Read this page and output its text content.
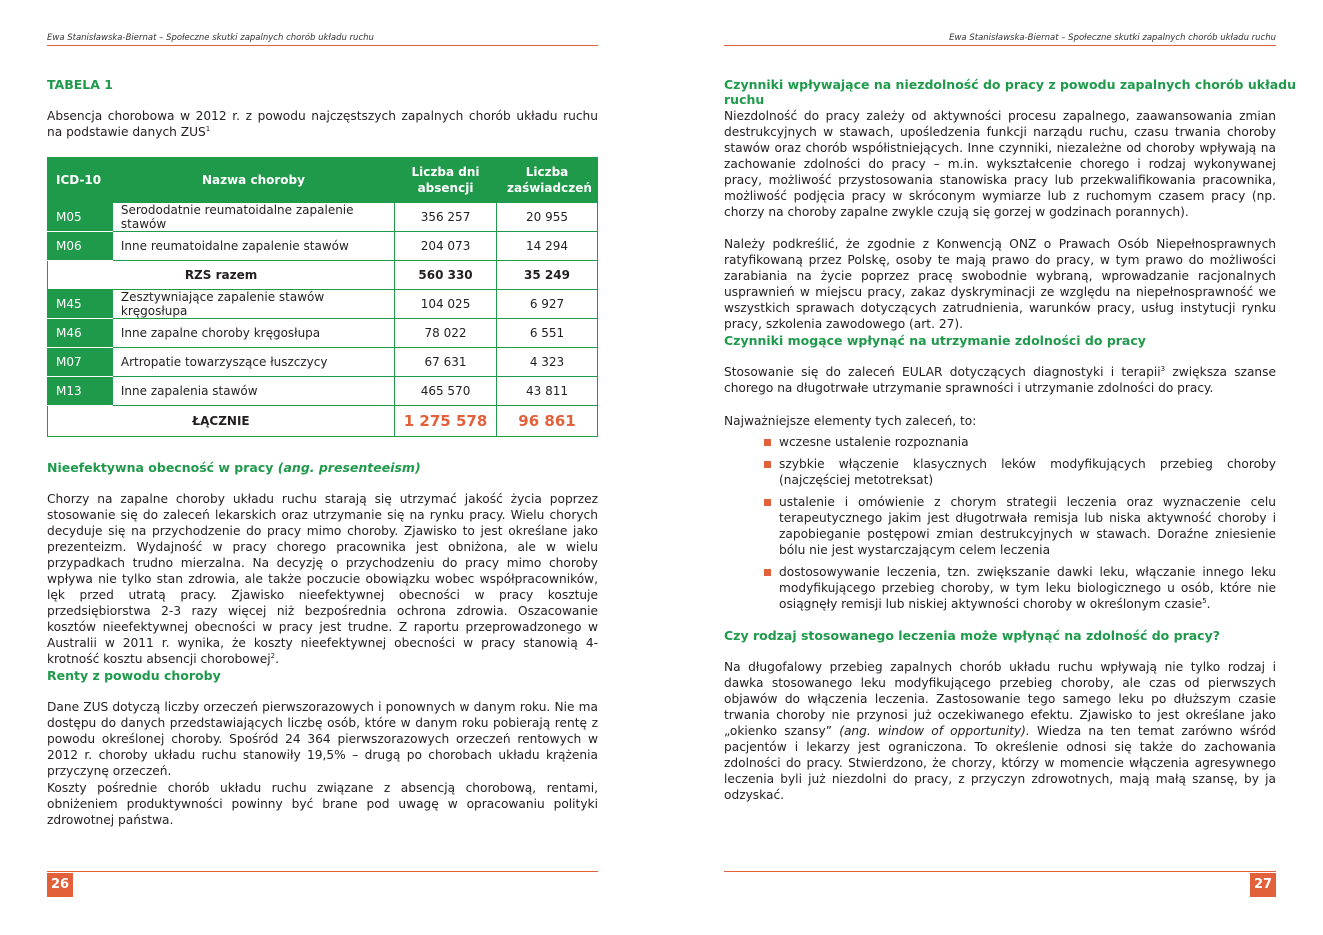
Ewa Stanisławska-Biernat – Społeczne skutki zapalnych chorób układu ruchu
TABELA 1

Absencja chorobowa w 2012 r. z powodu najczęstszych zapalnych chorób układu ruchu na podstawie danych ZUS$^1$

ICD-10	Nazwa choroby	Liczba dni absencji	Liczba zaświadczeń
M05	Serododatnie reumatoidalne zapalenie stawów	356 257	20 955
M06	Inne reumatoidalne zapalenie stawów	204 073	14 294
RZS razem		560 330	35 249
M45	Zesztywniające zapalenie stawów kręgosłupa	104 025	6 927
M46	Inne zapalne choroby kręgosłupa	78 022	6 551
M07	Artropatie towarzyszące łuszczycy	67 631	4 323
M13	Inne zapalenia stawów	465 570	43 811
ŁĄCZNIE		1 275 578	96 861
Nieefektywna obecność w pracy (ang. presenteeism)

Chorzy na zapalne choroby układu ruchu starają się utrzymać jakość życia poprzez stosowanie się do zaleceń lekarskich oraz utrzymanie się na rynku pracy. Wielu chorych decyduje się na przychodzenie do pracy mimo choroby. Zjawisko to jest określane jako prezenteizm. Wydajność w pracy chorego pracownika jest obniżona, ale w wielu przypadkach trudno mierzalna. Na decyzję o przychodzeniu do pracy mimo choroby wpływa nie tylko stan zdrowia, ale także poczucie obowiązku wobec współpracowników, lęk przed utratą pracy. Zjawisko nieefektywnej obecności w pracy kosztuje przedsiębiorstwa 2-3 razy więcej niż bezpośrednia ochrona zdrowia. Oszacowanie kosztów nieefektywnej obecności w pracy jest trudne. Z raportu przeprowadzonego w Australii w 2011 r. wynika, że koszty nieefektywnej obecności w pracy stanowią 4-krotność kosztu absencji chorobowej$^2$.

Renty z powodu choroby

Dane ZUS dotyczą liczby orzeczeń pierwszorazowych i ponownych w danym roku. Nie ma dostępu do danych przedstawiających liczbę osób, które w danym roku pobierają rentę z powodu określonej choroby. Spośród 24 364 pierwszorazowych orzeczeń rentowych w 2012 r. choroby układu ruchu stanowiły 19,5% – drugą po chorobach układu krążenia przyczynę orzeczeń.

Koszty pośrednie chorób układu ruchu związane z absencją chorobową, rentami, obniżeniem produktywności powinny być brane pod uwagę w opracowaniu polityki zdrowotnej państwa.

26
Ewa Stanisławska-Biernat – Społeczne skutki zapalnych chorób układu ruchu
Czynniki wpływające na niezdolność do pracy z powodu zapalnych chorób układu ruchu

Niezdolność do pracy zależy od aktywności procesu zapalnego, zaawansowania zmian destrukcyjnych w stawach, upośledzenia funkcji narządu ruchu, czasu trwania choroby stawów oraz chorób współistniejących. Inne czynniki, niezależne od choroby wpływają na zachowanie zdolności do pracy – m.in. wykształcenie chorego i rodzaj wykonywanej pracy, możliwość przystosowania stanowiska pracy lub przekwalifikowania pracownika, możliwość podjęcia pracy w skróconym wymiarze lub z ruchomym czasem pracy (np. chorzy na choroby zapalne zwykle czują się gorzej w godzinach porannych).

Należy podkreślić, że zgodnie z Konwencją ONZ o Prawach Osób Niepełnosprawnych ratyfikowaną przez Polskę, osoby te mają prawo do pracy, w tym prawo do możliwości zarabiania na życie poprzez pracę swobodnie wybraną, wprowadzanie racjonalnych usprawnień w miejscu pracy, zakaz dyskryminacji ze względu na niepełnosprawność we wszystkich sprawach dotyczących zatrudnienia, warunków pracy, usług instytucji rynku pracy, szkolenia zawodowego (art. 27).

Czynniki mogące wpłynąć na utrzymanie zdolności do pracy

Stosowanie się do zaleceń EULAR dotyczących diagnostyki i terapii$^3$ zwiększa szanse chorego na długotrwałe utrzymanie sprawności i utrzymanie zdolności do pracy.

Najważniejsze elementy tych zaleceń, to:

wczesne ustalenie rozpoznania
szybkie włączenie klasycznych leków modyfikujących przebieg choroby (najczęściej metotreksat)
ustalenie i omówienie z chorym strategii leczenia oraz wyznaczenie celu terapeutycznego jakim jest długotrwała remisja lub niska aktywność choroby i zapobieganie postępowi zmian destrukcyjnych w stawach. Doraźne zniesienie bólu nie jest wystarczającym celem leczenia
dostosowywanie leczenia, tzn. zwiększanie dawki leku, włączanie innego leku modyfikującego przebieg choroby, w tym leku biologicznego u osób, które nie osiągnęły remisji lub niskiej aktywności choroby w określonym czasie$^5$.
Czy rodzaj stosowanego leczenia może wpłynąć na zdolność do pracy?

Na długofalowy przebieg zapalnych chorób układu ruchu wpływają nie tylko rodzaj i dawka stosowanego leku modyfikującego przebieg choroby, ale czas od pierwszych objawów do włączenia leczenia. Zastosowanie tego samego leku po dłuższym czasie trwania choroby nie przynosi już oczekiwanego efektu. Zjawisko to jest określane jako „okienko szansy” (ang. window of opportunity). Wiedza na ten temat zarówno wśród pacjentów i lekarzy jest ograniczona. To określenie odnosi się także do zachowania zdolności do pracy. Stwierdzono, że chorzy, którzy w momencie włączenia agresywnego leczenia byli już niezdolni do pracy, z przyczyn zdrowotnych, mają małą szansę, by ja odzyskać.

27
